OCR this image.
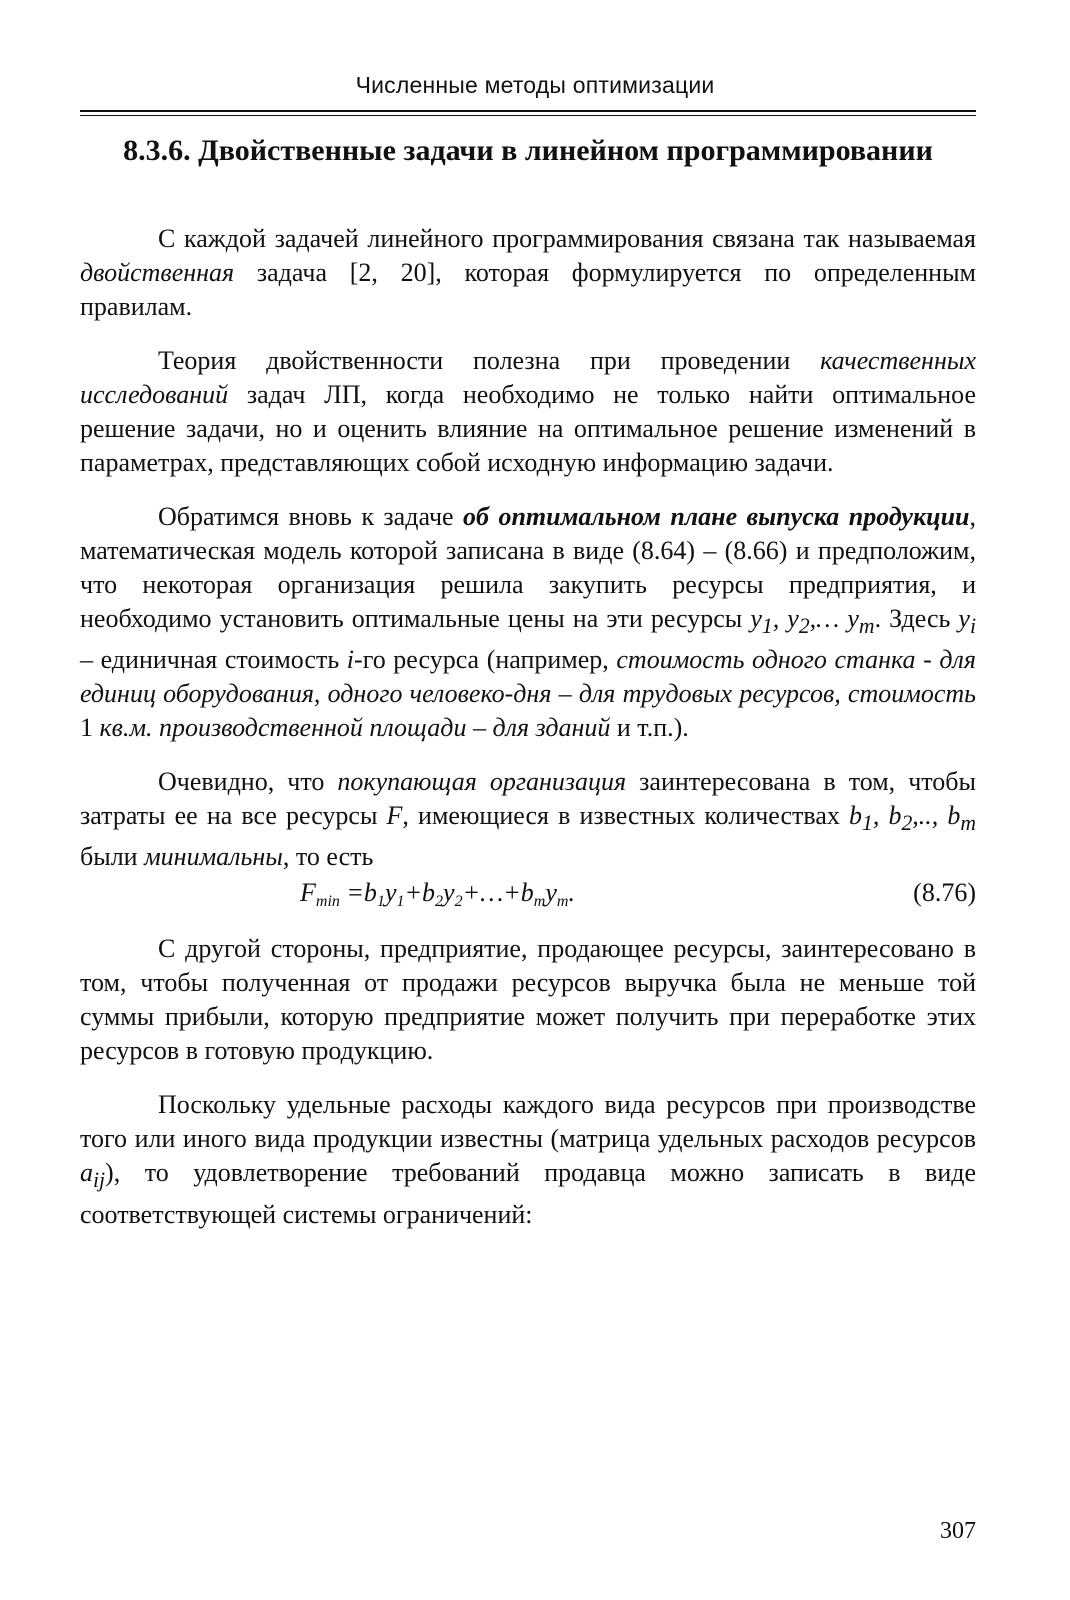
Численные методы оптимизации
8.3.6. Двойственные задачи в линейном программировании

С каждой задачей линейного программирования связана так называемая двойственная задача [2, 20], которая формулируется по определенным правилам.

Теория двойственности полезна при проведении качественных исследований задач ЛП, когда необходимо не только найти оптимальное решение задачи, но и оценить влияние на оптимальное решение изменений в параметрах, представляющих собой исходную информацию задачи.

Обратимся вновь к задаче об оптимальном плане выпуска продукции, математическая модель которой записана в виде (8.64) – (8.66) и предположим, что некоторая организация решила закупить ресурсы предприятия, и необходимо установить оптимальные цены на эти ресурсы $y_1$, $y_2,\dots$ $y_m$. Здесь $y_i$ – единичная стоимость i-го ресурса (например, стоимость одного станка - для единиц оборудования, одного человеко-дня – для трудовых ресурсов, стоимость 1 кв.м. производственной площади – для зданий и т.п.).

Очевидно, что покупающая организация заинтересована в том, чтобы затраты ее на все ресурсы F, имеющиеся в известных количествах $b_1$, $b_2$,.., $b_m$ были минимальны, то есть

$F_{min}$ $=b_1y_1+b_2y_2+\dots+b_my_m$.	(8.76)

С другой стороны, предприятие, продающее ресурсы, заинтересовано в том, чтобы полученная от продажи ресурсов выручка была не меньше той суммы прибыли, которую предприятие может получить при переработке этих ресурсов в готовую продукцию.

Поскольку удельные расходы каждого вида ресурсов при производстве того или иного вида продукции известны (матрица удельных расходов ресурсов $a_{ij}$), то удовлетворение требований продавца можно записать в виде соответствующей системы ограничений:

307
